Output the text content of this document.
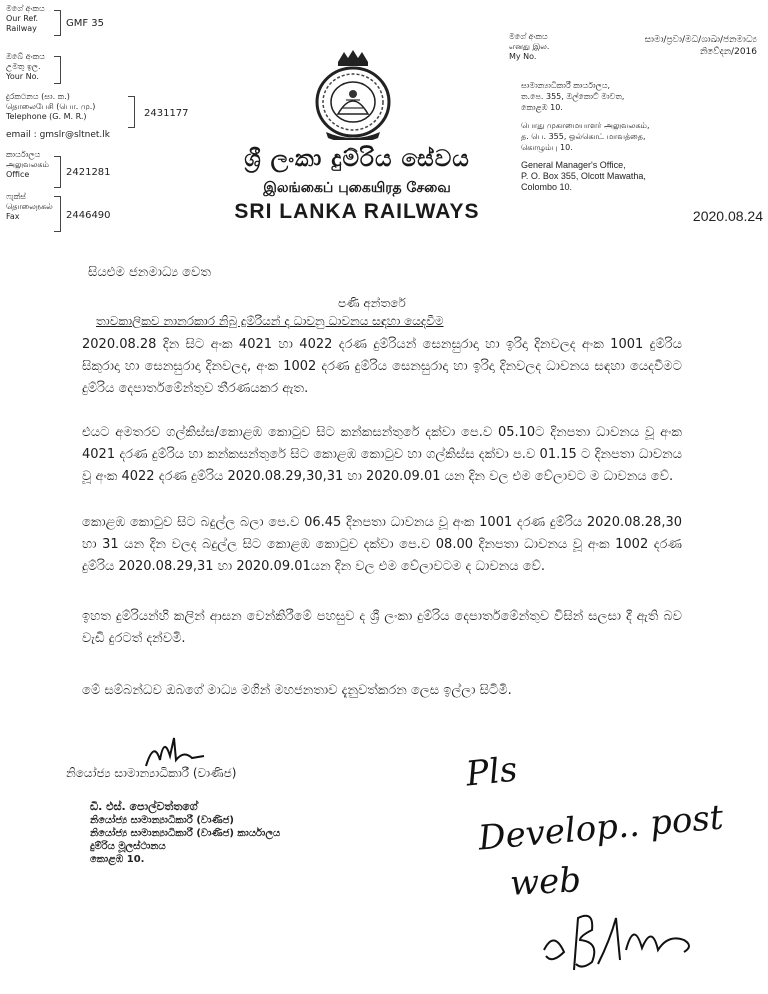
මගේ අංකය
Our Ref.
Railway	GMF 35
ඔබේ අංකය
උමතු ඉල.
Your No.
දුරකථනය (සා. ක.)
தொலைபேசி (பொ. மு.)
Telephone (G. M. R.)	2431177
email : gmslr@sltnet.lk
කාර්යාලය
அலுவலகம்
Office	2421281
ෆැක්ස්
தொலைநகல்
Fax	2446490
ශ්‍රී ලංකා දුම්රිය සේවය
இலங்கைப் புகையிரத சேவை
SRI LANKA RAILWAYS
මගේ අංකය
எனது இல.
My No.
සාමා/ප්‍රවා/මධ/ශාඛා/ජනමාධ්‍ය
නිවේදන/2016
සාමාන්‍යාධිකාරී කාර්යාලය,
ත.පෙ. 355, ඔල්කොට් මාවත,
කොළඹ 10.
பொது முகாமையாளர் அலுவலகம்,
த. பெ. 355, ஒல்கொட் மாவத்தை,
கொழும்பு 10.
General Manager's Office,
P. O. Box 355, Olcott Mawatha,
Colombo 10.
2020.08.24
සියළුම ජනමාධ්‍ය වෙත
පණි අන්තරේ
තාවකාලිකව නානරකාර නිබු දුම්රියන් ද ධාවනු ධාවනය සඳහා යෙදවීම
2020.08.28 දින සිට අංක 4021 හා 4022 දරණ දුම්රියන් සෙනසුරාදා හා ඉරිදා දිනවලද අංක 1001 දුම්රිය සිකුරාදා හා සෙනසුරාදා දිනවලද, අංක 1002 දරණ දුම්රිය සෙනසුරාදා හා ඉරිදා දිනවලද ධාවනය සඳහා යෙදවීමට දුම්රිය දෙපාර්තමේන්තුව තීරණයකර ඇත.
එයට අමතරව ගල්කිස්ස/කොළඹ කොටුව සිට කන්කසන්තුරේ දක්වා පෙ.ව 05.10ට දිනපතා ධාවනය වූ අංක 4021 දරණ දුම්රිය හා කන්කසන්තුරේ සිට කොළඹ කොටුව හා ගල්කිස්ස දක්වා ප.ව 01.15 ට දිනපතා ධාවනය වූ අංක 4022 දරණ දුම්රිය 2020.08.29,30,31 හා 2020.09.01 යන දින වල එම වේලාවට ම ධාවනය වේ.
කොළඹ කොටුව සිට බදුල්ල බලා පෙ.ව 06.45 දිනපතා ධාවනය වූ අංක 1001 දරණ දුම්රිය 2020.08.28,30 හා 31 යන දින වලද බදුල්ල සිට කොළඹ කොටුව දක්වා පෙ.ව 08.00 දිනපතා ධාවනය වූ අංක 1002 දරණ දුම්රිය 2020.08.29,31 හා 2020.09.01යන දින වල එම වේලාවටම ද ධාවනය වේ.
ඉහත දුම්රියන්හි කලින් ආසන වෙන්කිරීමේ පහසුව ද ශ්‍රී ලංකා දුම්රිය දෙපාර්තමේන්තුව විසින් සලසා දී ඇති බව වැඩි දුරටත් දන්වමි.
මේ සම්බන්ධව ඔබගේ මාධ්‍ය මගින් මහජනතාව දැනුවත්කරන ලෙස ඉල්ලා සිටිමි.
නියෝජ්‍ය සාමාන්‍යාධිකාරී (වාණිජ)
ඩී. එස්. පොල්වත්තගේ
නියෝජ්‍ය සාමාන්‍යාධිකාරී (වාණිජ)
නියෝජ්‍ය සාමාන්‍යාධිකාරී (වාණිජ) කාර්යාලය
දුම්රිය මූලස්ථානය
කොළඹ 10.
Pls
Develop.. post
web
